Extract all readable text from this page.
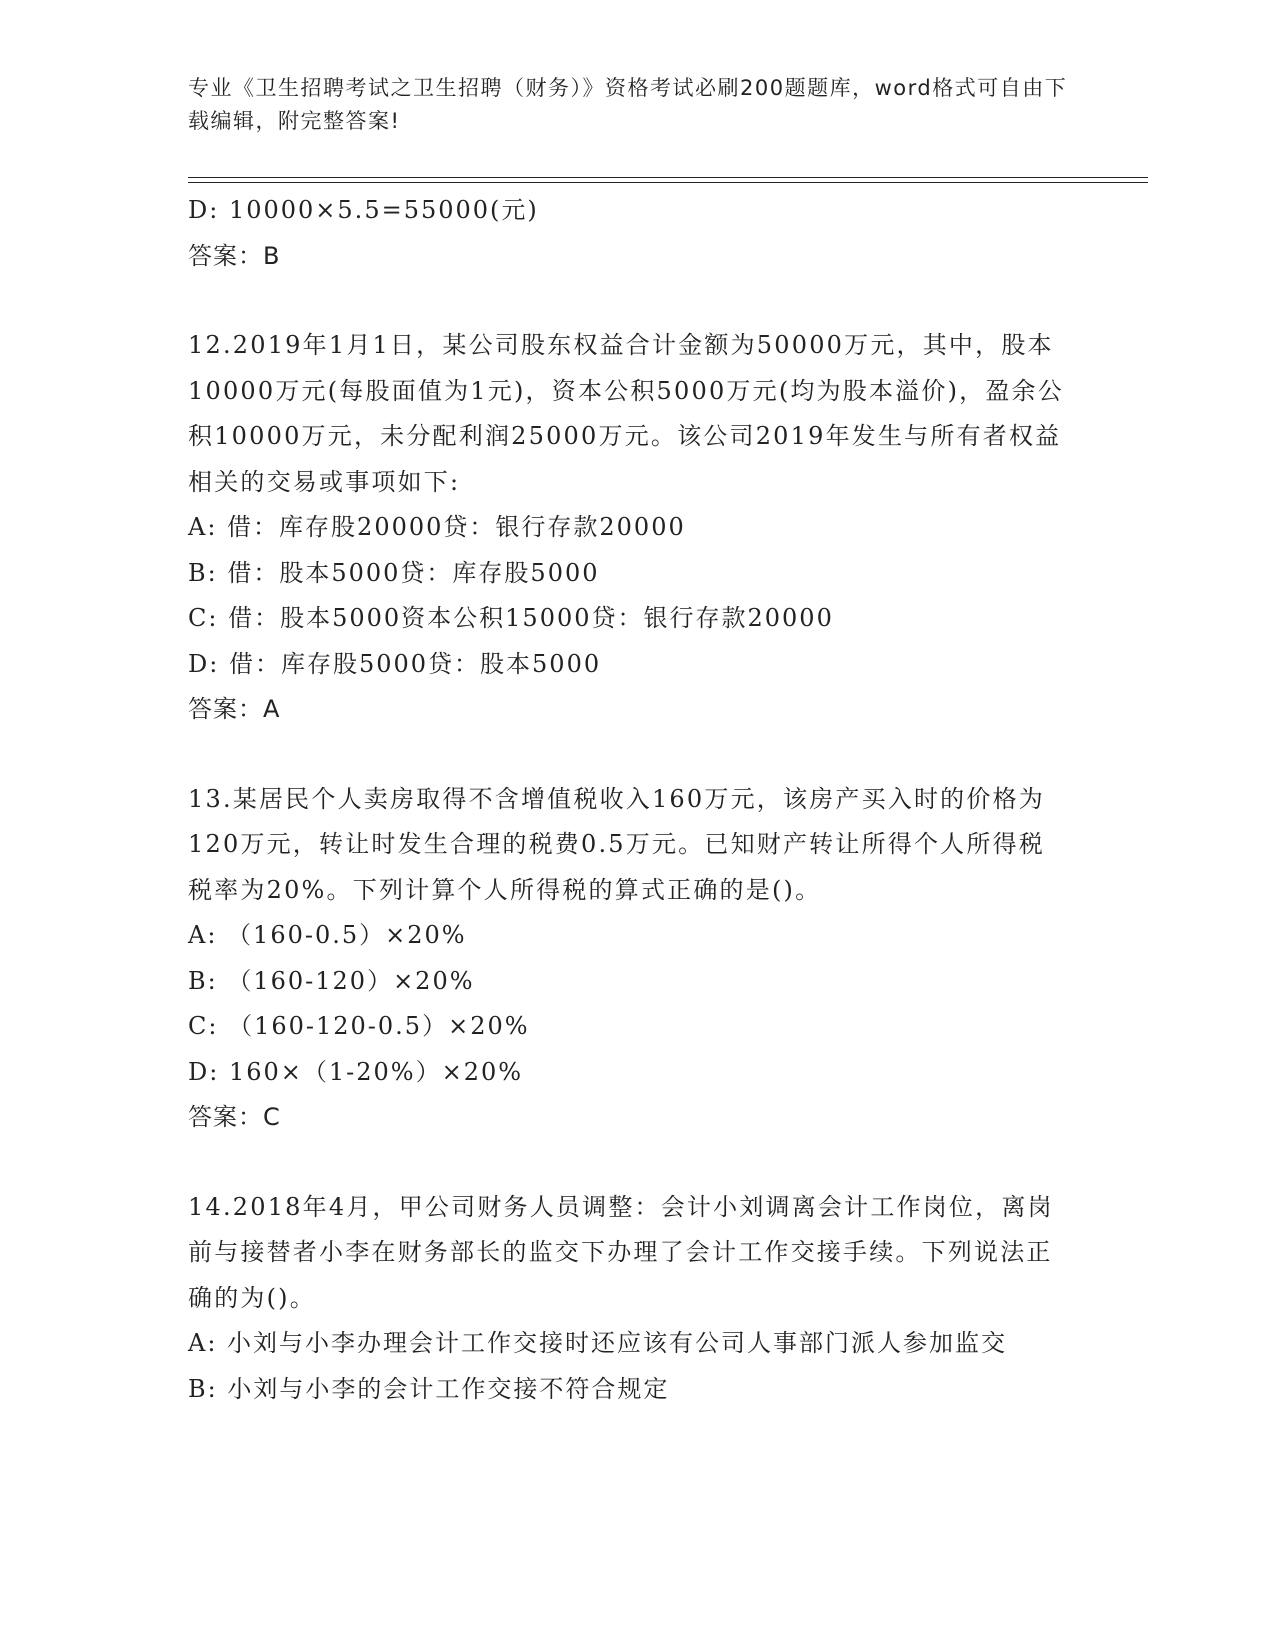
专业《卫生招聘考试之卫生招聘（财务）》资格考试必刷200题题库，word格式可自由下载编辑，附完整答案!

D: 10000×5.5=55000(元)

答案：B

12.2019年1月1日，某公司股东权益合计金额为50000万元，其中，股本10000万元(每股面值为1元)，资本公积5000万元(均为股本溢价)，盈余公积10000万元，未分配利润25000万元。该公司2019年发生与所有者权益相关的交易或事项如下:

A: 借：库存股20000贷：银行存款20000

B: 借：股本5000贷：库存股5000

C: 借：股本5000资本公积15000贷：银行存款20000

D: 借：库存股5000贷：股本5000

答案：A

13.某居民个人卖房取得不含增值税收入160万元，该房产买入时的价格为120万元，转让时发生合理的税费0.5万元。已知财产转让所得个人所得税税率为20%。下列计算个人所得税的算式正确的是()。

A: （160-0.5）×20%

B: （160-120）×20%

C: （160-120-0.5）×20%

D: 160×（1-20%）×20%

答案：C

14.2018年4月，甲公司财务人员调整：会计小刘调离会计工作岗位，离岗前与接替者小李在财务部长的监交下办理了会计工作交接手续。下列说法正确的为()。

A: 小刘与小李办理会计工作交接时还应该有公司人事部门派人参加监交

B: 小刘与小李的会计工作交接不符合规定
